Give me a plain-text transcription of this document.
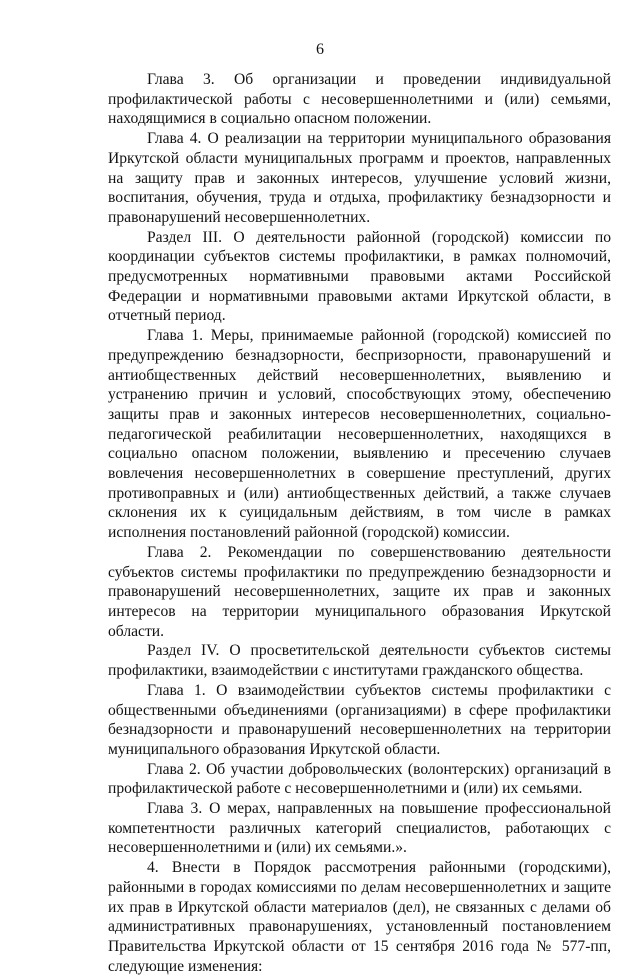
6

Глава 3. Об организации и проведении индивидуальной профилактической работы с несовершеннолетними и (или) семьями, находящимися в социально опасном положении.

Глава 4. О реализации на территории муниципального образования Иркутской области муниципальных программ и проектов, направленных на защиту прав и законных интересов, улучшение условий жизни, воспитания, обучения, труда и отдыха, профилактику безнадзорности и правонарушений несовершеннолетних.

Раздел III. О деятельности районной (городской) комиссии по координации субъектов системы профилактики, в рамках полномочий, предусмотренных нормативными правовыми актами Российской Федерации и нормативными правовыми актами Иркутской области, в отчетный период.

Глава 1. Меры, принимаемые районной (городской) комиссией по предупреждению безнадзорности, беспризорности, правонарушений и антиобщественных действий несовершеннолетних, выявлению и устранению причин и условий, способствующих этому, обеспечению защиты прав и законных интересов несовершеннолетних, социально-педагогической реабилитации несовершеннолетних, находящихся в социально опасном положении, выявлению и пресечению случаев вовлечения несовершеннолетних в совершение преступлений, других противоправных и (или) антиобщественных действий, а также случаев склонения их к суицидальным действиям, в том числе в рамках исполнения постановлений районной (городской) комиссии.

Глава 2. Рекомендации по совершенствованию деятельности субъектов системы профилактики по предупреждению безнадзорности и правонарушений несовершеннолетних, защите их прав и законных интересов на территории муниципального образования Иркутской области.

Раздел IV. О просветительской деятельности субъектов системы профилактики, взаимодействии с институтами гражданского общества.

Глава 1. О взаимодействии субъектов системы профилактики с общественными объединениями (организациями) в сфере профилактики безнадзорности и правонарушений несовершеннолетних на территории муниципального образования Иркутской области.

Глава 2. Об участии добровольческих (волонтерских) организаций в профилактической работе с несовершеннолетними и (или) их семьями.

Глава 3. О мерах, направленных на повышение профессиональной компетентности различных категорий специалистов, работающих с несовершеннолетними и (или) их семьями.».

4. Внести в Порядок рассмотрения районными (городскими), районными в городах комиссиями по делам несовершеннолетних и защите их прав в Иркутской области материалов (дел), не связанных с делами об административных правонарушениях, установленный постановлением Правительства Иркутской области от 15 сентября 2016 года № 577-пп, следующие изменения:
